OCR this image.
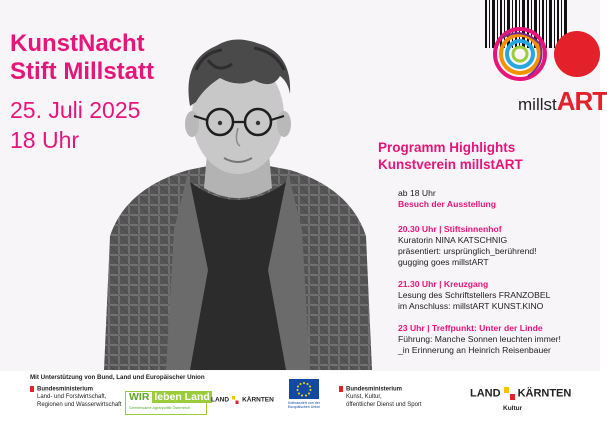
KunstNacht
Stift Millstatt
25. Juli 2025
18 Uhr
millstART
Programm Highlights
Kunstverein millstART
ab 18 Uhr
Besuch der Ausstellung
20.30 Uhr | Stiftsinnenhof
Kuratorin NINA KATSCHNIG
präsentiert: ursprünglich_berührend!
gugging goes millstART
21.30 Uhr | Kreuzgang
Lesung des Schriftstellers FRANZOBEL
im Anschluss: millstART KUNST.KINO
23 Uhr | Treffpunkt: Unter der Linde
Führung: Manche Sonnen leuchten immer!
_in Erinnerung an Heinrich Reisenbauer
Mit Unterstützung von Bund, Land und Europäischer Union
Bundesministerium
Land- und Forstwirtschaft,
Regionen und Wasserwirtschaft
WIR leben Land
Gemeinsame Agrarpolitik Österreich
LAND KÄRNTEN	Kofinanziert von der
Europäischen Union
Bundesministerium
Kunst, Kultur,
öffentlicher Dienst und Sport
LAND KÄRNTEN
Kultur
